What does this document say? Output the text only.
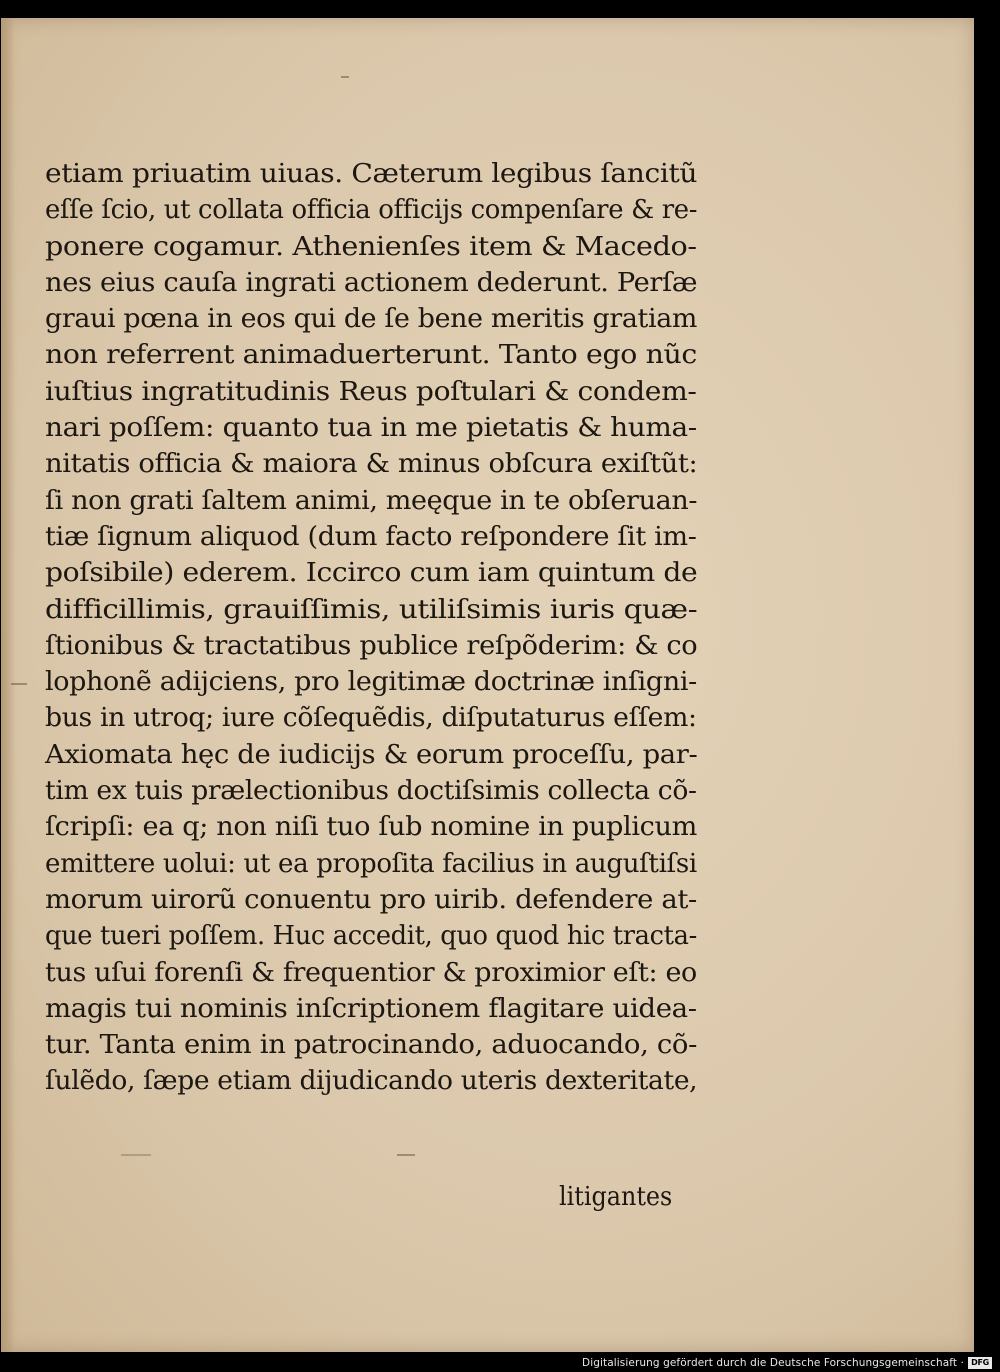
etiam priuatim uiuas. Cæterum legibus ſancitũ
eſſe ſcio, ut collata officia officijs compenſare & re-
ponere cogamur. Athenienſes item & Macedo-
nes eius cauſa ingrati actionem dederunt. Perſæ
graui pœna in eos qui de ſe bene meritis gratiam
non referrent animaduerterunt. Tanto ego nũc
iuſtius ingratitudinis Reus poſtulari & condem-
nari poſſem: quanto tua in me pietatis & huma-
nitatis officia & maiora & minus obſcura exiſtũt:
ſi non grati ſaltem animi, meęque in te obſeruan-
tiæ ſignum aliquod (dum facto reſpondere ſit im-
poſsibile) ederem. Iccirco cum iam quintum de
difficillimis, grauiſſimis, utiliſsimis iuris quæ-
ſtionibus & tractatibus publice reſpõderim: & co
lophonẽ adijciens, pro legitimæ doctrinæ inſigni-
bus in utroq; iure cõſequẽdis, diſputaturus eſſem:
Axiomata hęc de iudicijs & eorum proceſſu, par-
tim ex tuis prælectionibus doctiſsimis collecta cõ-
ſcripſi: ea q; non niſi tuo ſub nomine in puplicum
emittere uolui: ut ea propoſita facilius in auguſtiſsi
morum uirorũ conuentu pro uirib. defendere at-
que tueri poſſem. Huc accedit, quo quod hic tracta-
tus uſui forenſi & frequentior & proximior eſt: eo
magis tui nominis inſcriptionem flagitare uidea-
tur. Tanta enim in patrocinando, aduocando, cõ-
ſulẽdo, ſæpe etiam dijudicando uteris dexteritate,
litigantes
Digitalisierung gefördert durch die Deutsche Forschungsgemeinschaft · DFG
